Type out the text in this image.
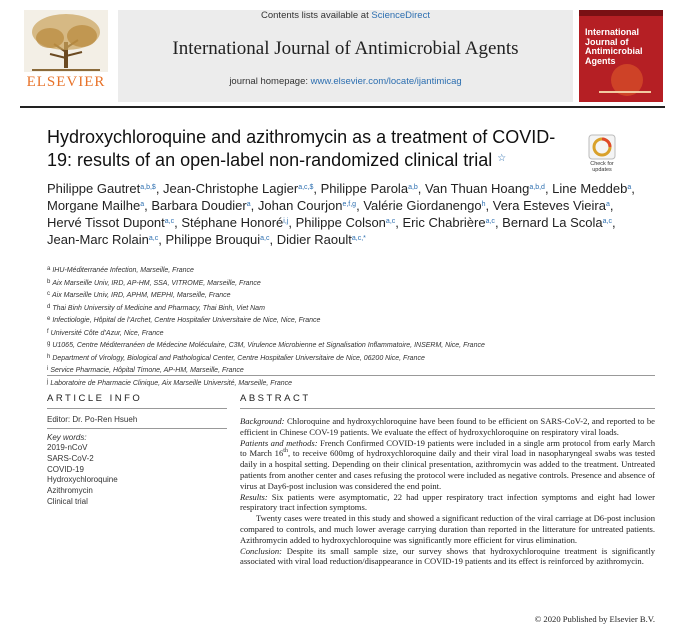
ELSEVIER
Contents lists available at ScienceDirect
International Journal of Antimicrobial Agents
journal homepage: www.elsevier.com/locate/ijantimicag
International Journal of Antimicrobial Agents
Hydroxychloroquine and azithromycin as a treatment of COVID-19: results of an open-label non-randomized clinical trial ☆	Check for updates
Philippe Gautret$^{a,b,\$}$, Jean-Christophe Lagier$^{a,c,\$}$, Philippe Parola$^{a,b}$, Van Thuan Hoang$^{a,b,d}$, Line Meddeb$^a$, Morgane Mailhe$^a$, Barbara Doudier$^a$, Johan Courjon$^{e,f,g}$, Valérie Giordanengo$^h$, Vera Esteves Vieira$^a$, Hervé Tissot Dupont$^{a,c}$, Stéphane Honoré$^{i,j}$, Philippe Colson$^{a,c}$, Eric Chabrière$^{a,c}$, Bernard La Scola$^{a,c}$, Jean-Marc Rolain$^{a,c}$, Philippe Brouqui$^{a,c}$, Didier Raoult$^{a,c,*}$
a IHU-Méditerranée Infection, Marseille, France
b Aix Marseille Univ, IRD, AP-HM, SSA, VITROME, Marseille, France
c Aix Marseille Univ, IRD, APHM, MEPHI, Marseille, France
d Thai Binh University of Medicine and Pharmacy, Thai Binh, Viet Nam
e Infectiologie, Hôpital de l’Archet, Centre Hospitalier Universitaire de Nice, Nice, France
f Université Côte d’Azur, Nice, France
g U1065, Centre Méditerranéen de Médecine Moléculaire, C3M, Virulence Microbienne et Signalisation Inflammatoire, INSERM, Nice, France
h Department of Virology, Biological and Pathological Center, Centre Hospitalier Universitaire de Nice, 06200 Nice, France
i Service Pharmacie, Hôpital Timone, AP-HM, Marseille, France
j Laboratoire de Pharmacie Clinique, Aix Marseille Université, Marseille, France
ARTICLE INFO
Editor: Dr. Po-Ren Hsueh
Key words:
2019-nCoV
SARS-CoV-2
COVID-19
Hydroxychloroquine
Azithromycin
Clinical trial
ABSTRACT

Background: Chloroquine and hydroxychloroquine have been found to be efficient on SARS-CoV-2, and reported to be efficient in Chinese COV-19 patients. We evaluate the effect of hydroxychloroquine on respiratory viral loads.

Patients and methods: French Confirmed COVID-19 patients were included in a single arm protocol from early March to March 16th, to receive 600mg of hydroxychloroquine daily and their viral load in nasopharyngeal swabs was tested daily in a hospital setting. Depending on their clinical presentation, azithromycin was added to the treatment. Untreated patients from another center and cases refusing the protocol were included as negative controls. Presence and absence of virus at Day6-post inclusion was considered the end point.

Results: Six patients were asymptomatic, 22 had upper respiratory tract infection symptoms and eight had lower respiratory tract infection symptoms.

Twenty cases were treated in this study and showed a significant reduction of the viral carriage at D6-post inclusion compared to controls, and much lower average carrying duration than reported in the litterature for untreated patients. Azithromycin added to hydroxychloroquine was significantly more efficient for virus elimination.

Conclusion: Despite its small sample size, our survey shows that hydroxychloroquine treatment is significantly associated with viral load reduction/disappearance in COVID-19 patients and its effect is reinforced by azithromycin.

© 2020 Published by Elsevier B.V.
